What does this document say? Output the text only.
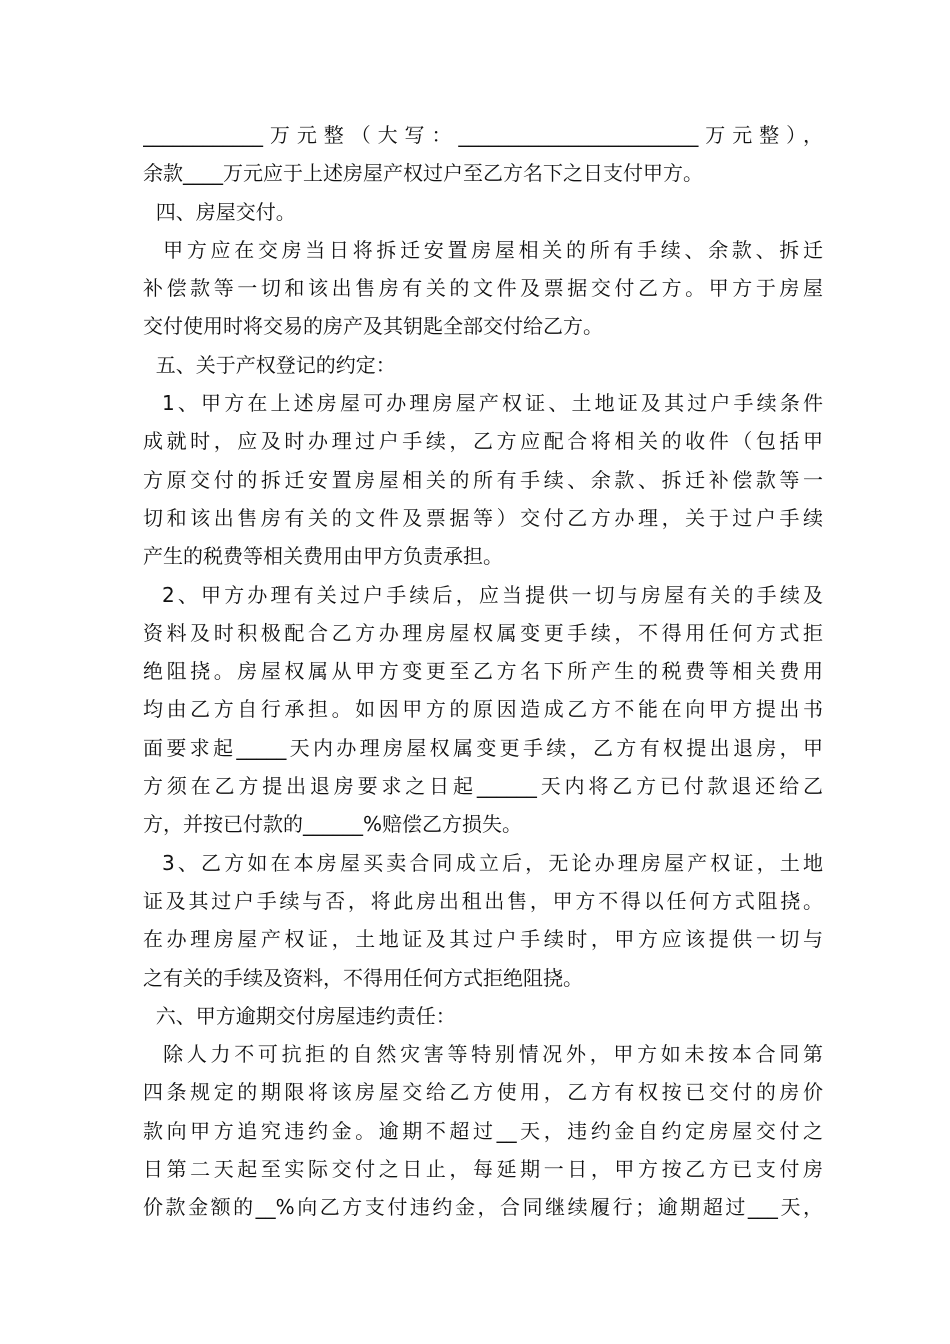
____________万元整（大写：________________________万元整），
余款____万元应于上述房屋产权过户至乙方名下之日支付甲方。
四、房屋交付。
甲方应在交房当日将拆迁安置房屋相关的所有手续、余款、拆迁
补偿款等一切和该出售房有关的文件及票据交付乙方。甲方于房屋
交付使用时将交易的房产及其钥匙全部交付给乙方。
五、关于产权登记的约定：
1、甲方在上述房屋可办理房屋产权证、土地证及其过户手续条件
成就时，应及时办理过户手续，乙方应配合将相关的收件（包括甲
方原交付的拆迁安置房屋相关的所有手续、余款、拆迁补偿款等一
切和该出售房有关的文件及票据等）交付乙方办理，关于过户手续
产生的税费等相关费用由甲方负责承担。
2、甲方办理有关过户手续后，应当提供一切与房屋有关的手续及
资料及时积极配合乙方办理房屋权属变更手续，不得用任何方式拒
绝阻挠。房屋权属从甲方变更至乙方名下所产生的税费等相关费用
均由乙方自行承担。如因甲方的原因造成乙方不能在向甲方提出书
面要求起_____天内办理房屋权属变更手续，乙方有权提出退房，甲
方须在乙方提出退房要求之日起______天内将乙方已付款退还给乙
方，并按已付款的______%赔偿乙方损失。
3、乙方如在本房屋买卖合同成立后，无论办理房屋产权证，土地
证及其过户手续与否，将此房出租出售，甲方不得以任何方式阻挠。
在办理房屋产权证，土地证及其过户手续时，甲方应该提供一切与
之有关的手续及资料，不得用任何方式拒绝阻挠。
六、甲方逾期交付房屋违约责任：
除人力不可抗拒的自然灾害等特别情况外，甲方如未按本合同第
四条规定的期限将该房屋交给乙方使用，乙方有权按已交付的房价
款向甲方追究违约金。逾期不超过__天，违约金自约定房屋交付之
日第二天起至实际交付之日止，每延期一日，甲方按乙方已支付房
价款金额的__%向乙方支付违约金，合同继续履行；逾期超过___天，
